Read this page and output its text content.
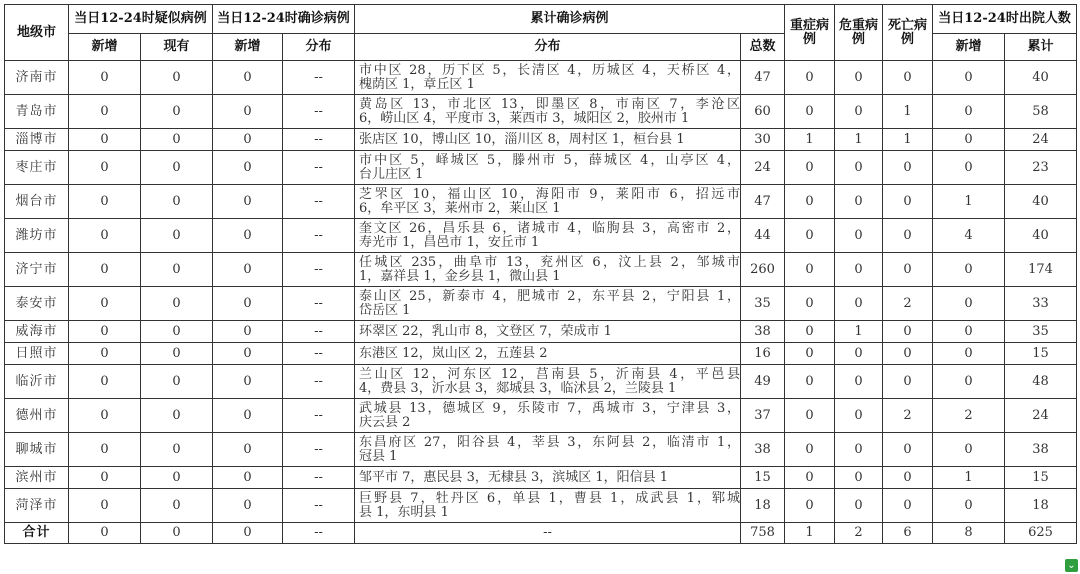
地级市	当日12-24时疑似病例		当日12-24时确诊病例		累计确诊病例		重症病例	危重病例	死亡病例	当日12-24时出院人数	
	新增	现有	新增	分布	分布	总数				新增	累计
济南市	0	0	0	--	市中区 28，历下区 5，长清区 4，历城区 4，天桥区 4，
槐荫区 1，章丘区 1	47	0	0	0	0	40
青岛市	0	0	0	--	黄岛区 13，市北区 13，即墨区 8，市南区 7，李沧区
6，崂山区 4，平度市 3，莱西市 3，城阳区 2，胶州市 1	60	0	0	1	0	58
淄博市	0	0	0	--	张店区 10，博山区 10，淄川区 8，周村区 1，桓台县 1	30	1	1	1	0	24
枣庄市	0	0	0	--	市中区 5，峄城区 5，滕州市 5，薛城区 4，山亭区 4，
台儿庄区 1	24	0	0	0	0	23
烟台市	0	0	0	--	芝罘区 10，福山区 10，海阳市 9，莱阳市 6，招远市
6，牟平区 3，莱州市 2，莱山区 1	47	0	0	0	1	40
潍坊市	0	0	0	--	奎文区 26，昌乐县 6，诸城市 4，临朐县 3，高密市 2，
寿光市 1，昌邑市 1，安丘市 1	44	0	0	0	4	40
济宁市	0	0	0	--	任城区 235，曲阜市 13，兖州区 6，汶上县 2，邹城市
1，嘉祥县 1，金乡县 1，微山县 1	260	0	0	0	0	174
泰安市	0	0	0	--	泰山区 25，新泰市 4，肥城市 2，东平县 2，宁阳县 1，
岱岳区 1	35	0	0	2	0	33
威海市	0	0	0	--	环翠区 22，乳山市 8，文登区 7，荣成市 1	38	0	1	0	0	35
日照市	0	0	0	--	东港区 12，岚山区 2，五莲县 2	16	0	0	0	0	15
临沂市	0	0	0	--	兰山区 12，河东区 12，莒南县 5，沂南县 4，平邑县
4，费县 3，沂水县 3，郯城县 3，临沭县 2，兰陵县 1	49	0	0	0	0	48
德州市	0	0	0	--	武城县 13，德城区 9，乐陵市 7，禹城市 3，宁津县 3，
庆云县 2	37	0	0	2	2	24
聊城市	0	0	0	--	东昌府区 27，阳谷县 4，莘县 3，东阿县 2，临清市 1，
冠县 1	38	0	0	0	0	38
滨州市	0	0	0	--	邹平市 7，惠民县 3，无棣县 3，滨城区 1，阳信县 1	15	0	0	0	1	15
菏泽市	0	0	0	--	巨野县 7，牡丹区 6，单县 1，曹县 1，成武县 1，郓城
县 1，东明县 1	18	0	0	0	0	18
合计	0	0	0	--	--	758	1	2	6	8	625
⌄
